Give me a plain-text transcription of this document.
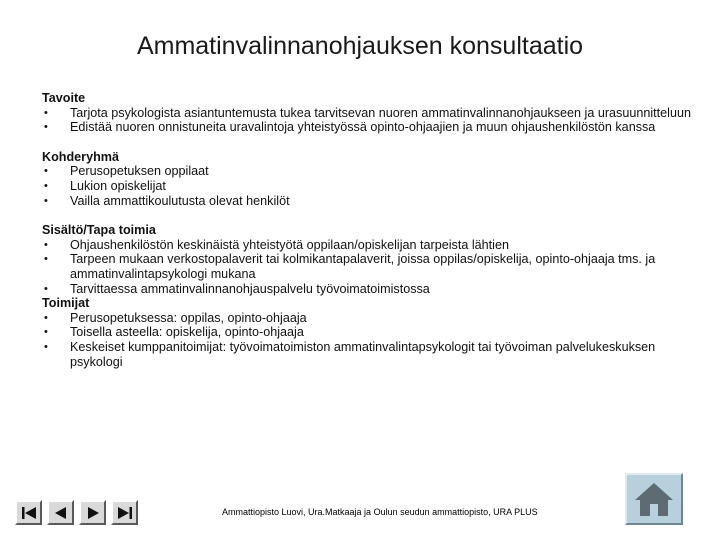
Ammatinvalinnanohjauksen konsultaatio

Tavoite

• Tarjota psykologista asiantuntemusta tukea tarvitsevan nuoren ammatinvalinnanohjaukseen ja urasuunnitteluun
• Edistää nuoren onnistuneita uravalintoja yhteistyössä opinto-ohjaajien ja muun ohjaushenkilöstön kanssa

Kohderyhmä

• Perusopetuksen oppilaat
• Lukion opiskelijat
• Vailla ammattikoulutusta olevat henkilöt

Sisältö/Tapa toimia

• Ohjaushenkilöstön keskinäistä yhteistyötä oppilaan/opiskelijan tarpeista lähtien
• Tarpeen mukaan verkostopalaverit tai kolmikantapalaverit, joissa oppilas/opiskelija, opinto-ohjaaja tms. ja ammatinvalintapsykologi mukana
• Tarvittaessa ammatinvalinnanohjauspalvelu työvoimatoimistossa

Toimijat

• Perusopetuksessa: oppilas, opinto-ohjaaja
• Toisella asteella: opiskelija, opinto-ohjaaja
• Keskeiset kumppanitoimijat: työvoimatoimiston ammatinvalintapsykologit tai työvoiman palvelukeskuksen psykologi
Ammattiopisto Luovi, Ura.Matkaaja ja Oulun seudun ammattiopisto, URA PLUS
